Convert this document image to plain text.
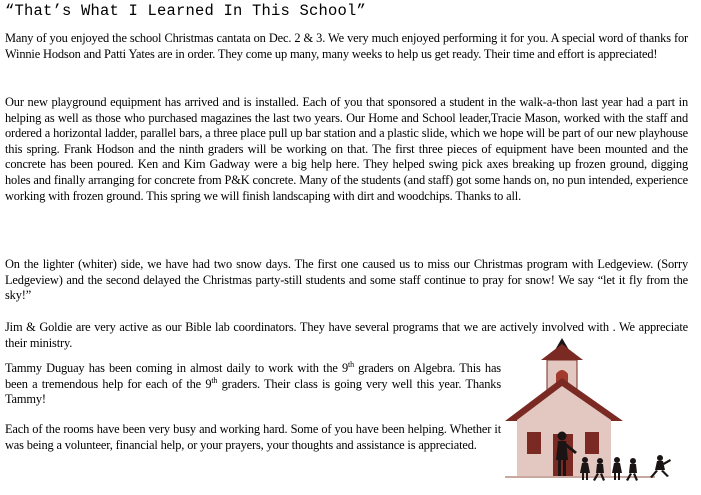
“That’s What I Learned In This School”

Many of you enjoyed the school Christmas cantata on Dec. 2 & 3. We very much enjoyed performing it for you. A special word of thanks for Winnie Hodson and Patti Yates are in order. They come up many, many weeks to help us get ready. Their time and effort is appreciated!

Our new playground equipment has arrived and is installed. Each of you that sponsored a student in the walk-a-thon last year had a part in helping as well as those who purchased magazines the last two years. Our Home and School leader,Tracie Mason, worked with the staff and ordered a horizontal ladder, parallel bars, a three place pull up bar station and a plastic slide, which we hope will be part of our new playhouse this spring. Frank Hodson and the ninth graders will be working on that. The first three pieces of equipment have been mounted and the concrete has been poured. Ken and Kim Gadway were a big help here. They helped swing pick axes breaking up frozen ground, digging holes and finally arranging for concrete from P&K concrete. Many of the students (and staff) got some hands on, no pun intended, experience working with frozen ground. This spring we will finish landscaping with dirt and woodchips. Thanks to all.

On the lighter (whiter) side, we have had two snow days. The first one caused us to miss our Christmas program with Ledgeview. (Sorry Ledgeview) and the second delayed the Christmas party-still students and some staff continue to pray for snow! We say “let it fly from the sky!”

Jim & Goldie are very active as our Bible lab coordinators. They have several programs that we are actively involved with . We appreciate their ministry.

Tammy Duguay has been coming in almost daily to work with the 9th graders on Algebra. This has been a tremendous help for each of the 9th graders. Their class is going very well this year. Thanks Tammy!

Each of the rooms have been very busy and working hard. Some of you have been helping. Whether it was being a volunteer, financial help, or your prayers, your thoughts and assistance is appreciated.
